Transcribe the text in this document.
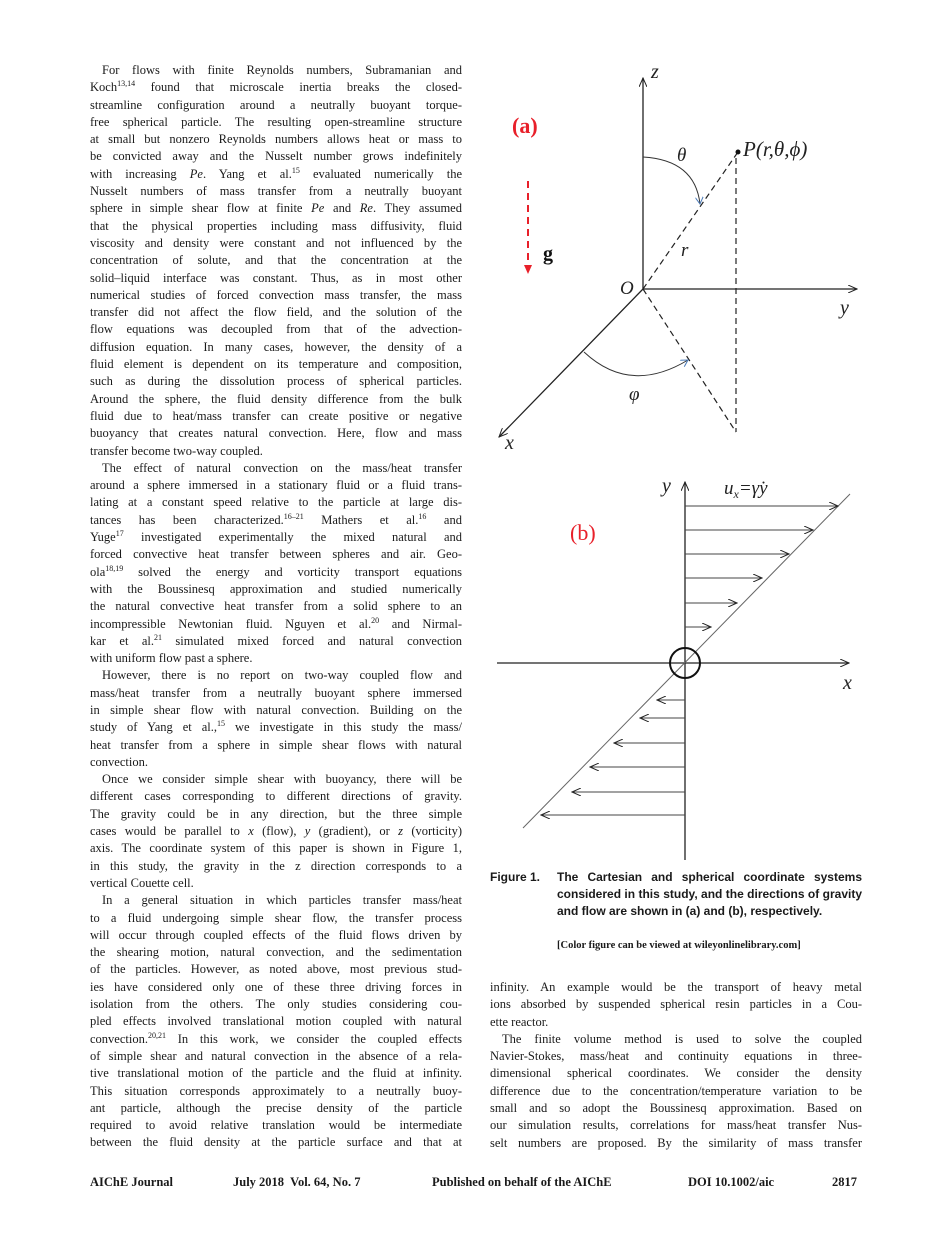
For flows with finite Reynolds numbers, Subramanian and
Koch$^{13,14}$ found that microscale inertia breaks the closed-
streamline configuration around a neutrally buoyant torque-
free spherical particle. The resulting open-streamline structure
at small but nonzero Reynolds numbers allows heat or mass to
be convicted away and the Nusselt number grows indefinitely
with increasing Pe. Yang et al.$^{15}$ evaluated numerically the
Nusselt numbers of mass transfer from a neutrally buoyant
sphere in simple shear flow at finite Pe and Re. They assumed
that the physical properties including mass diffusivity, fluid
viscosity and density were constant and not influenced by the
concentration of solute, and that the concentration at the
solid–liquid interface was constant. Thus, as in most other
numerical studies of forced convection mass transfer, the mass
transfer did not affect the flow field, and the solution of the
flow equations was decoupled from that of the advection-
diffusion equation. In many cases, however, the density of a
fluid element is dependent on its temperature and composition,
such as during the dissolution process of spherical particles.
Around the sphere, the fluid density difference from the bulk
fluid due to heat/mass transfer can create positive or negative
buoyancy that creates natural convection. Here, flow and mass
transfer become two-way coupled.
The effect of natural convection on the mass/heat transfer
around a sphere immersed in a stationary fluid or a fluid trans-
lating at a constant speed relative to the particle at large dis-
tances has been characterized.$^{16-21}$ Mathers et al.$^{16}$ and
Yuge$^{17}$ investigated experimentally the mixed natural and
forced convective heat transfer between spheres and air. Geo-
ola$^{18,19}$ solved the energy and vorticity transport equations
with the Boussinesq approximation and studied numerically
the natural convective heat transfer from a solid sphere to an
incompressible Newtonian fluid. Nguyen et al.$^{20}$ and Nirmal-
kar et al.$^{21}$ simulated mixed forced and natural convection
with uniform flow past a sphere.
However, there is no report on two-way coupled flow and
mass/heat transfer from a neutrally buoyant sphere immersed
in simple shear flow with natural convection. Building on the
study of Yang et al.,$^{15}$ we investigate in this study the mass/
heat transfer from a sphere in simple shear flows with natural
convection.
Once we consider simple shear with buoyancy, there will be
different cases corresponding to different directions of gravity.
The gravity could be in any direction, but the three simple
cases would be parallel to x (flow), y (gradient), or z (vorticity)
axis. The coordinate system of this paper is shown in Figure 1,
in this study, the gravity in the z direction corresponds to a
vertical Couette cell.
In a general situation in which particles transfer mass/heat
to a fluid undergoing simple shear flow, the transfer process
will occur through coupled effects of the fluid flows driven by
the shearing motion, natural convection, and the sedimentation
of the particles. However, as noted above, most previous stud-
ies have considered only one of these three driving forces in
isolation from the others. The only studies considering cou-
pled effects involved translational motion coupled with natural
convection.$^{20,21}$ In this work, we consider the coupled effects
of simple shear and natural convection in the absence of a rela-
tive translational motion of the particle and the fluid at infinity.
This situation corresponds approximately to a neutrally buoy-
ant particle, although the precise density of the particle
required to avoid relative translation would be intermediate
between the fluid density at the particle surface and that at
(a)
g
z
y
x
O
θ
φ
r
P(r,θ,ϕ)
(b)
y
x
$u_x=\gammȧy$
Figure 1. The Cartesian and spherical coordinate systems considered in this study, and the directions of gravity and flow are shown in (a) and (b), respectively.
[Color figure can be viewed at wileyonlinelibrary.com]
infinity. An example would be the transport of heavy metal
ions absorbed by suspended spherical resin particles in a Cou-
ette reactor.
The finite volume method is used to solve the coupled
Navier-Stokes, mass/heat and continuity equations in three-
dimensional spherical coordinates. We consider the density
difference due to the concentration/temperature variation to be
small and so adopt the Boussinesq approximation. Based on
our simulation results, correlations for mass/heat transfer Nus-
selt numbers are proposed. By the similarity of mass transfer
AIChE Journal	July 2018  Vol. 64, No. 7	Published on behalf of the AIChE	DOI 10.1002/aic	2817
